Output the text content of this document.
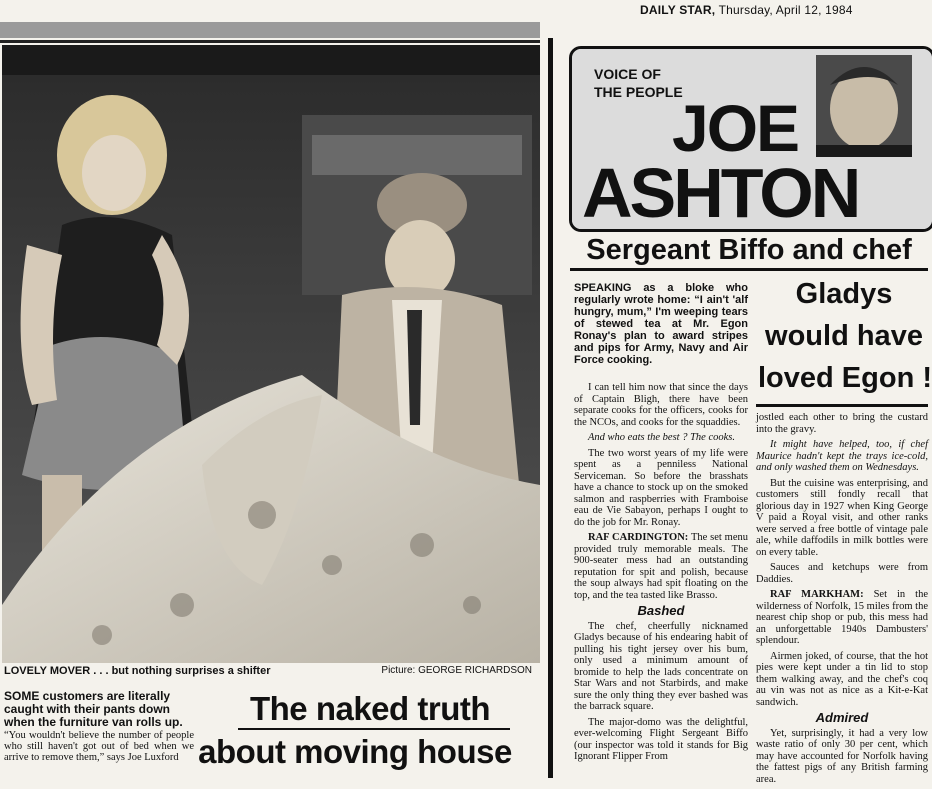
DAILY STAR, Thursday, April 12, 1984
LOVELY MOVER . . . but nothing surprises a shifter	Picture: GEORGE RICHARDSON
SOME customers are literally caught with their pants down when the furniture van rolls up.
“You wouldn't believe the number of people who still haven't got out of bed when we arrive to remove them,” says Joe Luxford
The naked truth
about moving house
VOICE OF
THE PEOPLE
JOE
ASHTON
Sergeant Biffo and chef
Gladys
would have
loved Egon !

SPEAKING as a bloke who regularly wrote home: “I ain't 'alf hungry, mum,” I'm weeping tears of stewed tea at Mr. Egon Ronay's plan to award stripes and pips for Army, Navy and Air Force cooking.

I can tell him now that since the days of Captain Bligh, there have been separate cooks for the officers, cooks for the NCOs, and cooks for the squaddies.

And who eats the best ? The cooks.

The two worst years of my life were spent as a penniless National Serviceman. So before the brasshats have a chance to stock up on the smoked salmon and raspberries with Framboise eau de Vie Sabayon, perhaps I ought to do the job for Mr. Ronay.

RAF CARDINGTON: The set menu provided truly memorable meals. The 900-seater mess had an outstanding reputation for spit and polish, because the soup always had spit floating on the top, and the tea tasted like Brasso.

Bashed

The chef, cheerfully nicknamed Gladys because of his endearing habit of pulling his tight jersey over his bum, only used a minimum amount of bromide to help the lads concentrate on Star Wars and not Starbirds, and make sure the only thing they ever bashed was the barrack square.

The major-domo was the delightful, ever-welcoming Flight Sergeant Biffo (our inspector was told it stands for Big Ignorant Flipper From

jostled each other to bring the custard into the gravy.

It might have helped, too, if chef Maurice hadn't kept the trays ice-cold, and only washed them on Wednesdays.

But the cuisine was enterprising, and customers still fondly recall that glorious day in 1927 when King George V paid a Royal visit, and other ranks were served a free bottle of vintage pale ale, while daffodils in milk bottles were on every table.

Sauces and ketchups were from Daddies.

RAF MARKHAM: Set in the wilderness of Norfolk, 15 miles from the nearest chip shop or pub, this mess had an unforgettable 1940s Dambusters' splendour.

Airmen joked, of course, that the hot pies were kept under a tin lid to stop them walking away, and the chef's coq au vin was not as nice as a Kit-e-Kat sandwich.

Admired

Yet, surprisingly, it had a very low waste ratio of only 30 per cent, which may have accounted for Norfolk having the fattest pigs of any British farming area.
